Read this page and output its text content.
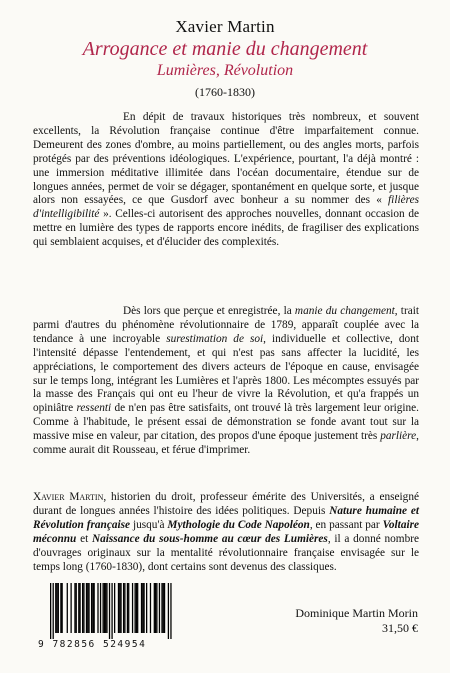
Xavier Martin
Arrogance et manie du changement
Lumières, Révolution
(1760-1830)

En dépit de travaux historiques très nombreux, et souvent excellents, la Révolution française continue d'être imparfaitement connue. Demeurent des zones d'ombre, au moins partiellement, ou des angles morts, parfois protégés par des préventions idéologiques. L'expérience, pourtant, l'a déjà montré : une immersion méditative illimitée dans l'océan documentaire, étendue sur de longues années, permet de voir se dégager, spontanément en quelque sorte, et jusque alors non essayées, ce que Gusdorf avec bonheur a su nommer des « filières d'intelligibilité ». Celles-ci autorisent des approches nouvelles, donnant occasion de mettre en lumière des types de rapports encore inédits, de fragiliser des explications qui semblaient acquises, et d'élucider des complexités.

Dès lors que perçue et enregistrée, la manie du changement, trait parmi d'autres du phénomène révolutionnaire de 1789, apparaît couplée avec la tendance à une incroyable surestimation de soi, individuelle et collective, dont l'intensité dépasse l'entendement, et qui n'est pas sans affecter la lucidité, les appréciations, le comportement des divers acteurs de l'époque en cause, envisagée sur le temps long, intégrant les Lumières et l'après 1800. Les mécomptes essuyés par la masse des Français qui ont eu l'heur de vivre la Révolution, et qu'a frappés un opiniâtre ressenti de n'en pas être satisfaits, ont trouvé là très largement leur origine. Comme à l'habitude, le présent essai de démonstration se fonde avant tout sur la massive mise en valeur, par citation, des propos d'une époque justement très parlière, comme aurait dit Rousseau, et férue d'imprimer.

Xavier Martin, historien du droit, professeur émérite des Universités, a enseigné durant de longues années l'histoire des idées politiques. Depuis Nature humaine et Révolution française jusqu'à Mythologie du Code Napoléon, en passant par Voltaire méconnu et Naissance du sous-homme au cœur des Lumières, il a donné nombre d'ouvrages originaux sur la mentalité révolutionnaire française envisagée sur le temps long (1760-1830), dont certains sont devenus des classiques.
9 782856 524954
Dominique Martin Morin
31,50 €
